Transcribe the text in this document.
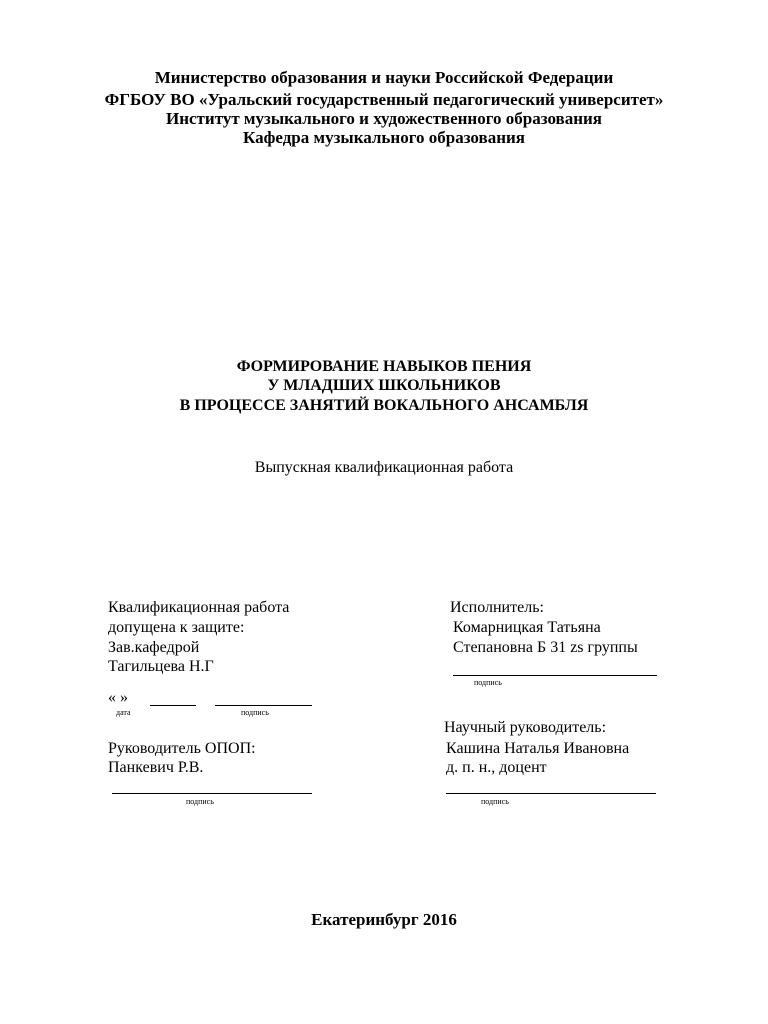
Министерство образования и науки Российской Федерации
ФГБОУ ВО «Уральский государственный педагогический университет»
Институт музыкального и художественного образования
Кафедра музыкального образования
ФОРМИРОВАНИЕ НАВЫКОВ ПЕНИЯ
У МЛАДШИХ ШКОЛЬНИКОВ
В ПРОЦЕССЕ ЗАНЯТИЙ ВОКАЛЬНОГО АНСАМБЛЯ
Выпускная квалификационная работа
Квалификационная работа
допущена к защите:
Зав.кафедрой
Тагильцева Н.Г
« »
дата	подпись
Руководитель ОПОП:
Панкевич Р.В.
подпись
Исполнитель:
Комарницкая Татьяна
Степановна Б 31 zs группы
подпись
Научный руководитель:
Кашина Наталья Ивановна
д. п. н., доцент
подпись
Екатеринбург 2016
